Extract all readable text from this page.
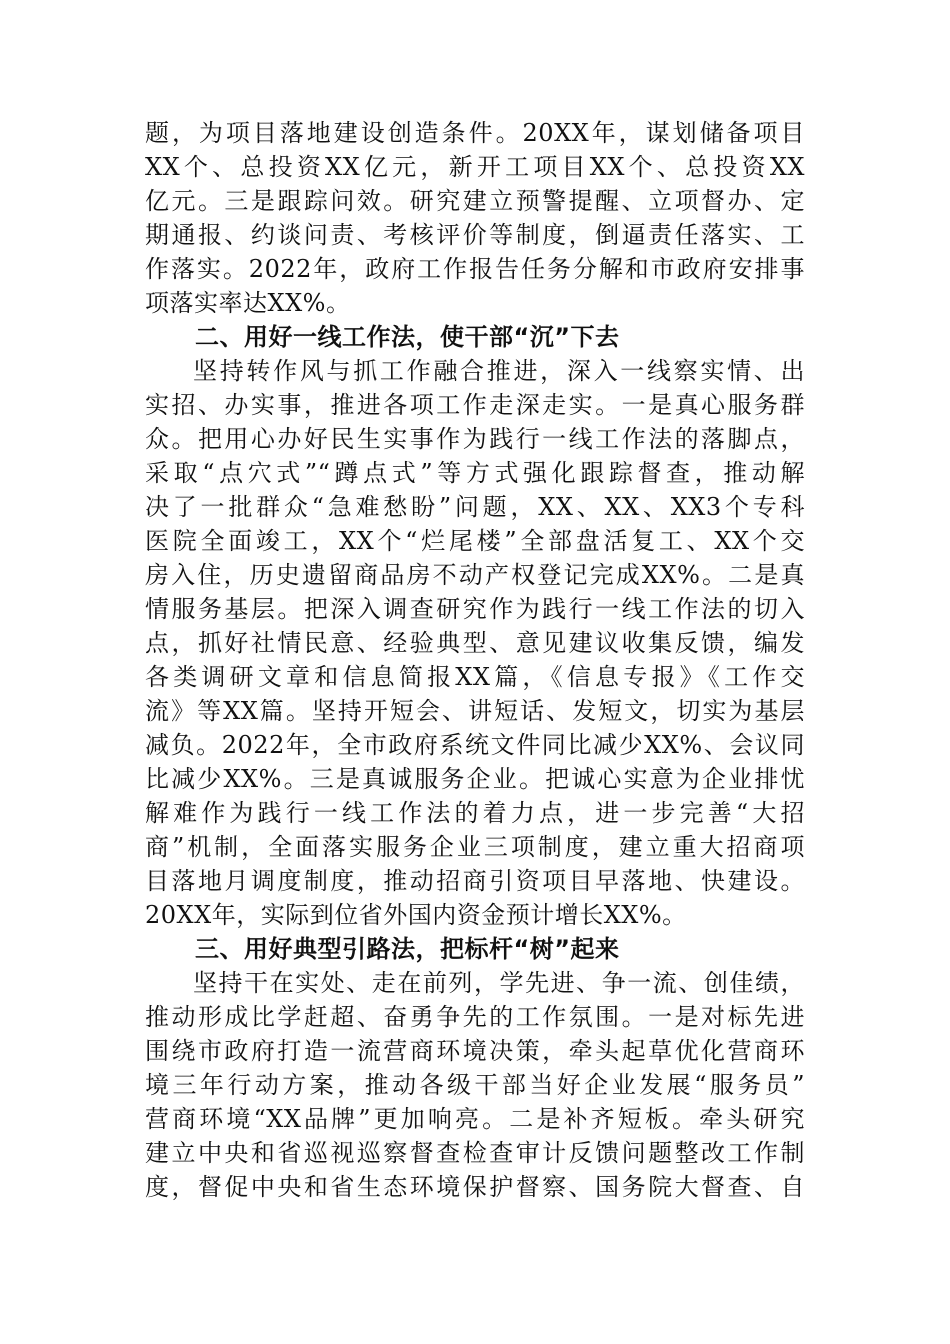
题，为项目落地建设创造条件。20XX年，谋划储备项目
XX个、总投资XX亿元，新开工项目XX个、总投资XX
亿元。三是跟踪问效。研究建立预警提醒、立项督办、定
期通报、约谈问责、考核评价等制度，倒逼责任落实、工
作落实。2022年，政府工作报告任务分解和市政府安排事
项落实率达XX%。
二、用好一线工作法，使干部“沉”下去
坚持转作风与抓工作融合推进，深入一线察实情、出
实招、办实事，推进各项工作走深走实。一是真心服务群
众。把用心办好民生实事作为践行一线工作法的落脚点，
采取“点穴式”“蹲点式”等方式强化跟踪督查，推动解
决了一批群众“急难愁盼”问题，XX、XX、XX3个专科
医院全面竣工，XX个“烂尾楼”全部盘活复工、XX个交
房入住，历史遗留商品房不动产权登记完成XX%。二是真
情服务基层。把深入调查研究作为践行一线工作法的切入
点，抓好社情民意、经验典型、意见建议收集反馈，编发
各类调研文章和信息简报XX篇，《信息专报》《工作交
流》等XX篇。坚持开短会、讲短话、发短文，切实为基层
减负。2022年，全市政府系统文件同比减少XX%、会议同
比减少XX%。三是真诚服务企业。把诚心实意为企业排忧
解难作为践行一线工作法的着力点，进一步完善“大招
商”机制，全面落实服务企业三项制度，建立重大招商项
目落地月调度制度，推动招商引资项目早落地、快建设。
20XX年，实际到位省外国内资金预计增长XX%。
三、用好典型引路法，把标杆“树”起来
坚持干在实处、走在前列，学先进、争一流、创佳绩，
推动形成比学赶超、奋勇争先的工作氛围。一是对标先进
围绕市政府打造一流营商环境决策，牵头起草优化营商环
境三年行动方案，推动各级干部当好企业发展“服务员”
营商环境“XX品牌”更加响亮。二是补齐短板。牵头研究
建立中央和省巡视巡察督查检查审计反馈问题整改工作制
度，督促中央和省生态环境保护督察、国务院大督查、自
